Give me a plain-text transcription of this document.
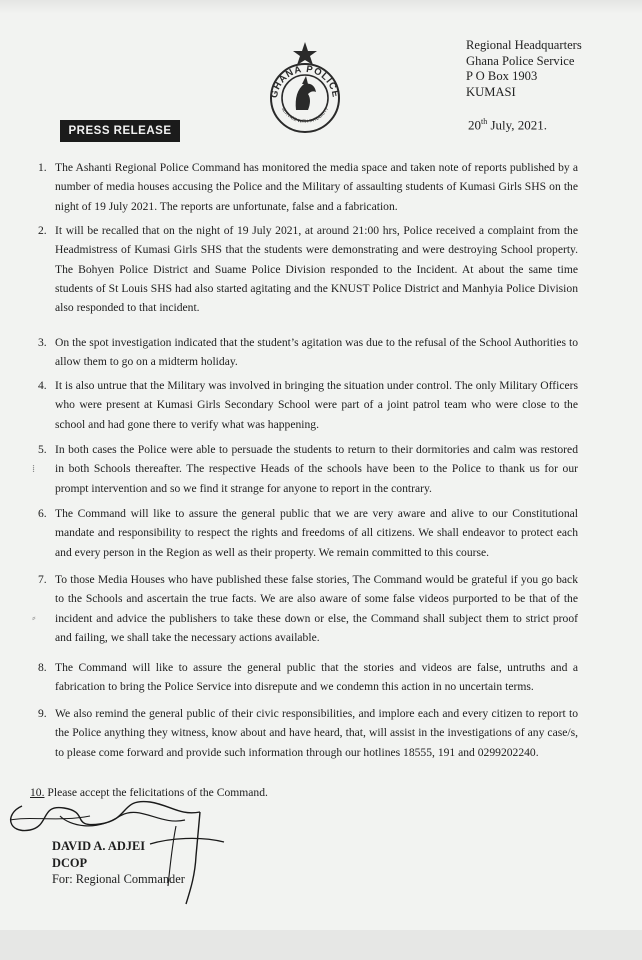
GHANA POLICE
SERVICE WITH INTEGRITY
Regional Headquarters
Ghana Police Service
P O Box 1903
KUMASI
20th July, 2021.
PRESS RELEASE
1. The Ashanti Regional Police Command has monitored the media space and taken note of reports published by a number of media houses accusing the Police and the Military of assaulting students of Kumasi Girls SHS on the night of 19 July 2021. The reports are unfortunate, false and a fabrication.
2. It will be recalled that on the night of 19 July 2021, at around 21:00 hrs, Police received a complaint from the Headmistress of Kumasi Girls SHS that the students were demonstrating and were destroying School property. The Bohyen Police District and Suame Police Division responded to the Incident. At about the same time students of St Louis SHS had also started agitating and the KNUST Police District and Manhyia Police Division also responded to that incident.
3. On the spot investigation indicated that the student’s agitation was due to the refusal of the School Authorities to allow them to go on a midterm holiday.
4. It is also untrue that the Military was involved in bringing the situation under control. The only Military Officers who were present at Kumasi Girls Secondary School were part of a joint patrol team who were close to the school and had gone there to verify what was happening.
5. In both cases the Police were able to persuade the students to return to their dormitories and calm was restored in both Schools thereafter. The respective Heads of the schools have been to the Police to thank us for our prompt intervention and so we find it strange for anyone to report in the contrary.
⁞
6. The Command will like to assure the general public that we are very aware and alive to our Constitutional mandate and responsibility to respect the rights and freedoms of all citizens. We shall endeavor to protect each and every person in the Region as well as their property. We remain committed to this course.
7. To those Media Houses who have published these false stories, The Command would be grateful if you go back to the Schools and ascertain the true facts. We are also aware of some false videos purported to be that of the incident and advice the publishers to take these down or else, the Command shall subject them to strict proof and failing, we shall take the necessary actions available.
⸗
8. The Command will like to assure the general public that the stories and videos are false, untruths and a fabrication to bring the Police Service into disrepute and we condemn this action in no uncertain terms.
9. We also remind the general public of their civic responsibilities, and implore each and every citizen to report to the Police anything they witness, know about and have heard, that, will assist in the investigations of any case/s, to please come forward and provide such information through our hotlines 18555, 191 and 0299202240.
10. Please accept the felicitations of the Command.
DAVID A. ADJEI
DCOP
For: Regional Commander
